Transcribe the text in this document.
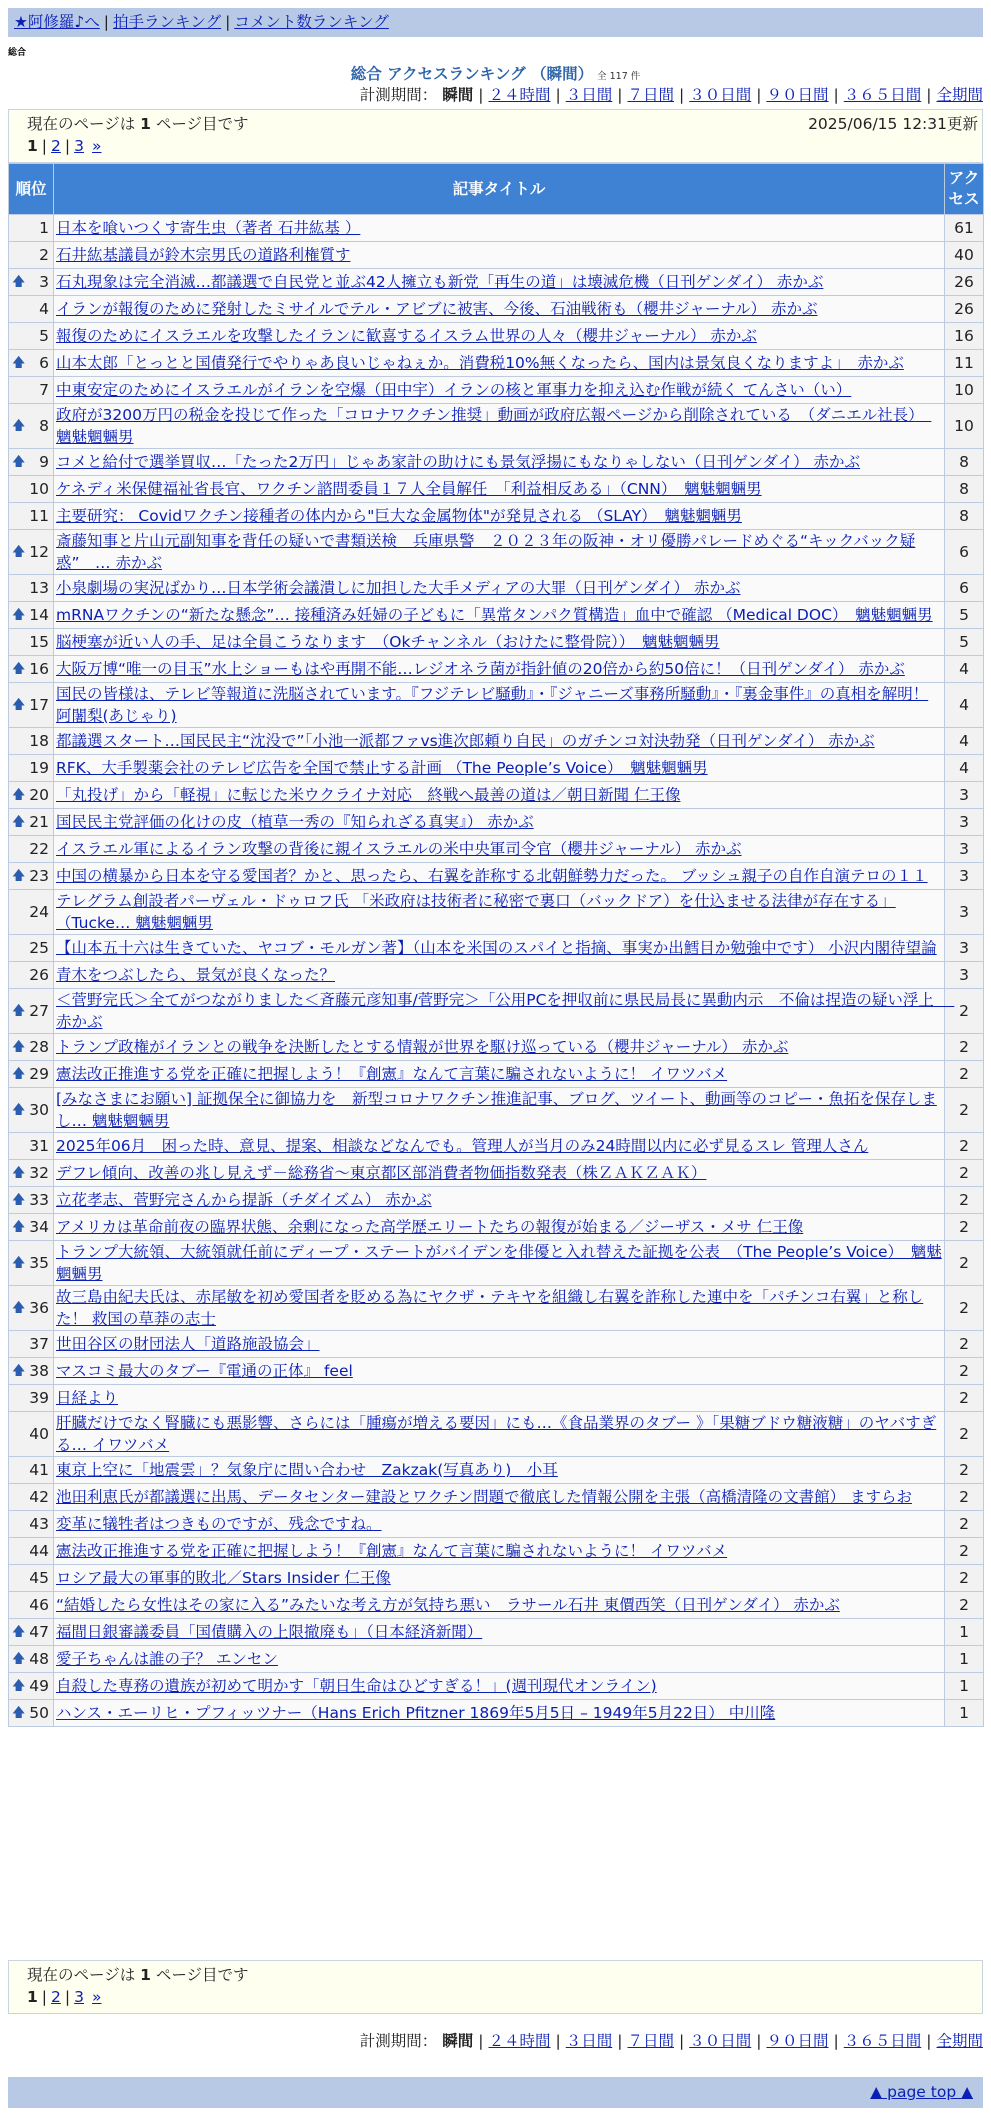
★阿修羅♪へ | 拍手ランキング | コメント数ランキング
総合
総合 アクセスランキング （瞬間） 全 117 件
計測期間： 瞬間 | ２４時間 | ３日間 | ７日間 | ３０日間 | ９０日間 | ３６５日間 | 全期間
現在のページは 1 ページ目です	2025/06/15 12:31更新
1 | 2 | 3 »
順位	記事タイトル	アクセス
1	日本を喰いつくす寄生虫（著者 石井紘基 ）	61
2	石井紘基議員が鈴木宗男氏の道路利権質す	40

🡅 3	石丸現象は完全消滅…都議選で自民党と並ぶ42人擁立も新党「再生の道」は壊滅危機（日刊ゲンダイ） 赤かぶ	26
4	イランが報復のために発射したミサイルでテル・アビブに被害、今後、石油戦術も（櫻井ジャーナル） 赤かぶ	26
5	報復のためにイスラエルを攻撃したイランに歓喜するイスラム世界の人々（櫻井ジャーナル） 赤かぶ	16

🡅 6	山本太郎「とっとと国債発行でやりゃあ良いじゃねぇか。消費税10%無くなったら、国内は景気良くなりますよ」　赤かぶ	11
7	中東安定のためにイスラエルがイランを空爆（田中宇）イランの核と軍事力を抑え込む作戦が続く てんさい（い）	10

🡅 8	政府が3200万円の税金を投じて作った「コロナワクチン推奨」動画が政府広報ページから削除されている　（ダニエル社長）　魑魅魍魎男	10

🡅 9	コメと給付で選挙買収…「たった2万円」じゃあ家計の助けにも景気浮揚にもなりゃしない（日刊ゲンダイ） 赤かぶ	8
10	ケネディ米保健福祉省長官、ワクチン諮問委員１７人全員解任　「利益相反ある」（CNN）　魑魅魍魎男	8
11	主要研究： Covidワクチン接種者の体内から"巨大な金属物体"が発見される （SLAY）　魑魅魍魎男	8

🡅 12	斎藤知事と片山元副知事を背任の疑いで書類送検　兵庫県警　２０２３年の阪神・オリ優勝パレードめぐる“キックバック疑惑”　… 赤かぶ	6
13	小泉劇場の実況ばかり…日本学術会議潰しに加担した大手メディアの大罪（日刊ゲンダイ） 赤かぶ	6

🡅 14	mRNAワクチンの“新たな懸念”… 接種済み妊婦の子どもに「異常タンパク質構造」血中で確認 （Medical DOC）　魑魅魍魎男	5
15	脳梗塞が近い人の手、足は全員こうなります　（Okチャンネル（おけたに整骨院））　魑魅魍魎男	5

🡅 16	大阪万博“唯一の目玉”水上ショーもはや再開不能…レジオネラ菌が指針値の20倍から約50倍に！（日刊ゲンダイ） 赤かぶ	4

🡅 17	国民の皆様は、テレビ等報道に洗脳されています。『フジテレビ騒動』・『ジャニーズ事務所騒動』・『裏金事件』の真相を解明！ 阿闍梨(あじゃり)	4
18	都議選スタート…国民民主“沈没で”「小池一派都ファvs進次郎頼り自民」のガチンコ対決勃発（日刊ゲンダイ） 赤かぶ	4
19	RFK、大手製薬会社のテレビ広告を全国で禁止する計画 （The People’s Voice）　魑魅魍魎男	4

🡅 20	「丸投げ」から「軽視」に転じた米ウクライナ対応　終戦へ最善の道は／朝日新聞 仁王像	3

🡅 21	国民民主党評価の化けの皮（植草一秀の『知られざる真実』） 赤かぶ	3
22	イスラエル軍によるイラン攻撃の背後に親イスラエルの米中央軍司令官（櫻井ジャーナル） 赤かぶ	3

🡅 23	中国の横暴から日本を守る愛国者？かと、思ったら、右翼を詐称する北朝鮮勢力だった。 ブッシュ親子の自作自演テロの１１	3
24	テレグラム創設者パーヴェル・ドゥロフ氏 「米政府は技術者に秘密で裏口（バックドア）を仕込ませる法律が存在する」（Tucke… 魑魅魍魎男	3
25	【山本五十六は生きていた、ヤコブ・モルガン著】（山本を米国のスパイと指摘、事実か出鱈目か勉強中です） 小沢内閣待望論	3
26	青木をつぶしたら、景気が良くなった？	3

🡅 27	＜菅野完氏＞全てがつながりました＜斉藤元彦知事/菅野完＞「公用PCを押収前に県民局長に異動内示　不倫は捏造の疑い浮上　 赤かぶ	2

🡅 28	トランプ政権がイランとの戦争を決断したとする情報が世界を駆け巡っている（櫻井ジャーナル） 赤かぶ	2

🡅 29	憲法改正推進する党を正確に把握しよう！『創憲』なんて言葉に騙されないように！ イワツバメ	2

🡅 30	[みなさまにお願い] 証拠保全に御協力を　新型コロナワクチン推進記事、ブログ、ツイート、動画等のコピー・魚拓を保存しまし… 魑魅魍魎男	2
31	2025年06月　困った時、意見、提案、相談などなんでも。管理人が当月のみ24時間以内に必ず見るスレ 管理人さん	2

🡅 32	デフレ傾向、改善の兆し見えず－総務省～東京都区部消費者物価指数発表（株ＺＡＫＺＡＫ）	2

🡅 33	立花孝志、菅野完さんから提訴（チダイズム） 赤かぶ	2

🡅 34	アメリカは革命前夜の臨界状態、余剰になった高学歴エリートたちの報復が始まる／ジーザス・メサ 仁王像	2

🡅 35	トランプ大統領、大統領就任前にディープ・ステートがバイデンを俳優と入れ替えた証拠を公表　（The People’s Voice）　魑魅魍魎男	2

🡅 36	故三島由紀夫氏は、赤尾敏を初め愛国者を貶める為にヤクザ・テキヤを組織し右翼を詐称した連中を「パチンコ右翼」と称した！ 救国の草莽の志士	2
37	世田谷区の財団法人「道路施設協会」	2

🡅 38	マスコミ最大のタブー『電通の正体』 feel	2
39	日経より	2
40	肝臓だけでなく腎臓にも悪影響、さらには「腫瘍が増える要因」にも…《食品業界のタブー 》「果糖ブドウ糖液糖」のヤバすぎる… イワツバメ	2
41	東京上空に「地震雲」？気象庁に問い合わせ　Zakzak(写真あり)　小耳	2
42	池田利恵氏が都議選に出馬、データセンター建設とワクチン問題で徹底した情報公開を主張（高橋清隆の文書館） ますらお	2
43	変革に犠牲者はつきものですが、残念ですね。	2
44	憲法改正推進する党を正確に把握しよう！『創憲』なんて言葉に騙されないように！ イワツバメ	2
45	ロシア最大の軍事的敗北／Stars Insider 仁王像	2
46	“結婚したら女性はその家に入る”みたいな考え方が気持ち悪い　ラサール石井 東價西笑（日刊ゲンダイ） 赤かぶ	2

🡅 47	福間日銀審議委員「国債購入の上限撤廃も」（日本経済新聞）	1

🡅 48	愛子ちゃんは誰の子？ エンセン	1

🡅 49	自殺した専務の遺族が初めて明かす「朝日生命はひどすぎる！」(週刊現代オンライン)	1

🡅 50	ハンス・エーリヒ・プフィッツナー（Hans Erich Pfitzner 1869年5月5日 – 1949年5月22日） 中川隆	1
現在のページは 1 ページ目です
1 | 2 | 3 »
計測期間： 瞬間 | ２４時間 | ３日間 | ７日間 | ３０日間 | ９０日間 | ３６５日間 | 全期間
▲ page top ▲
